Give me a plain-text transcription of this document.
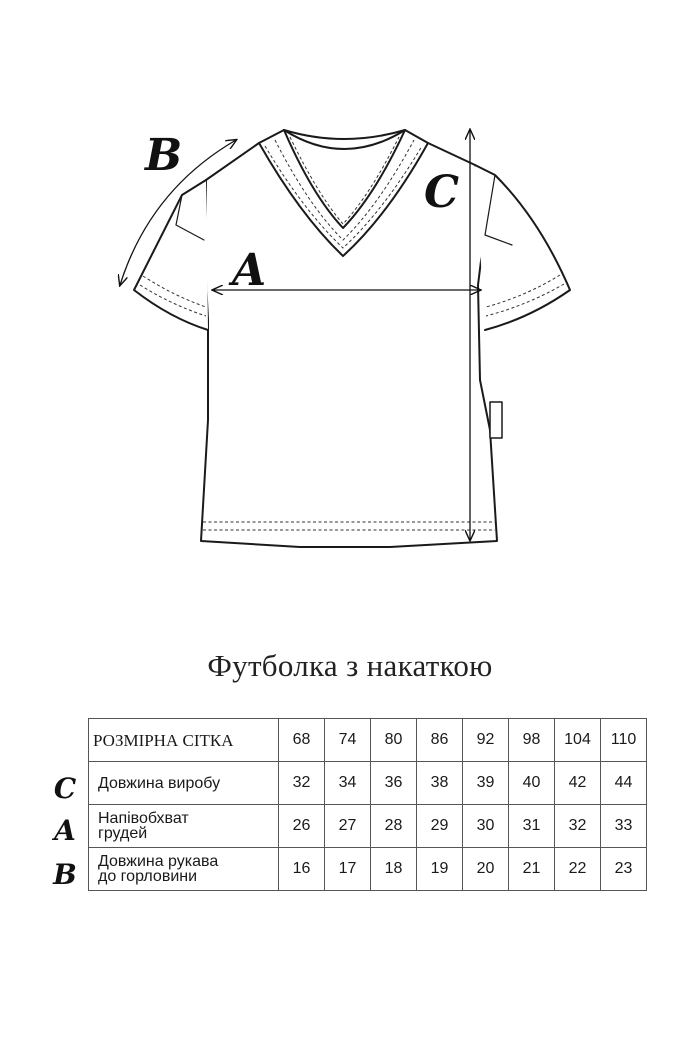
A
B
C
Футболка з накаткою
РОЗМІРНА СІТКА	68	74	80	86	92	98	104	110
Довжина виробу	32	34	36	38	39	40	42	44
Напівобхват
грудей	26	27	28	29	30	31	32	33
Довжина рукава
до горловини	16	17	18	19	20	21	22	23
C
A
B
